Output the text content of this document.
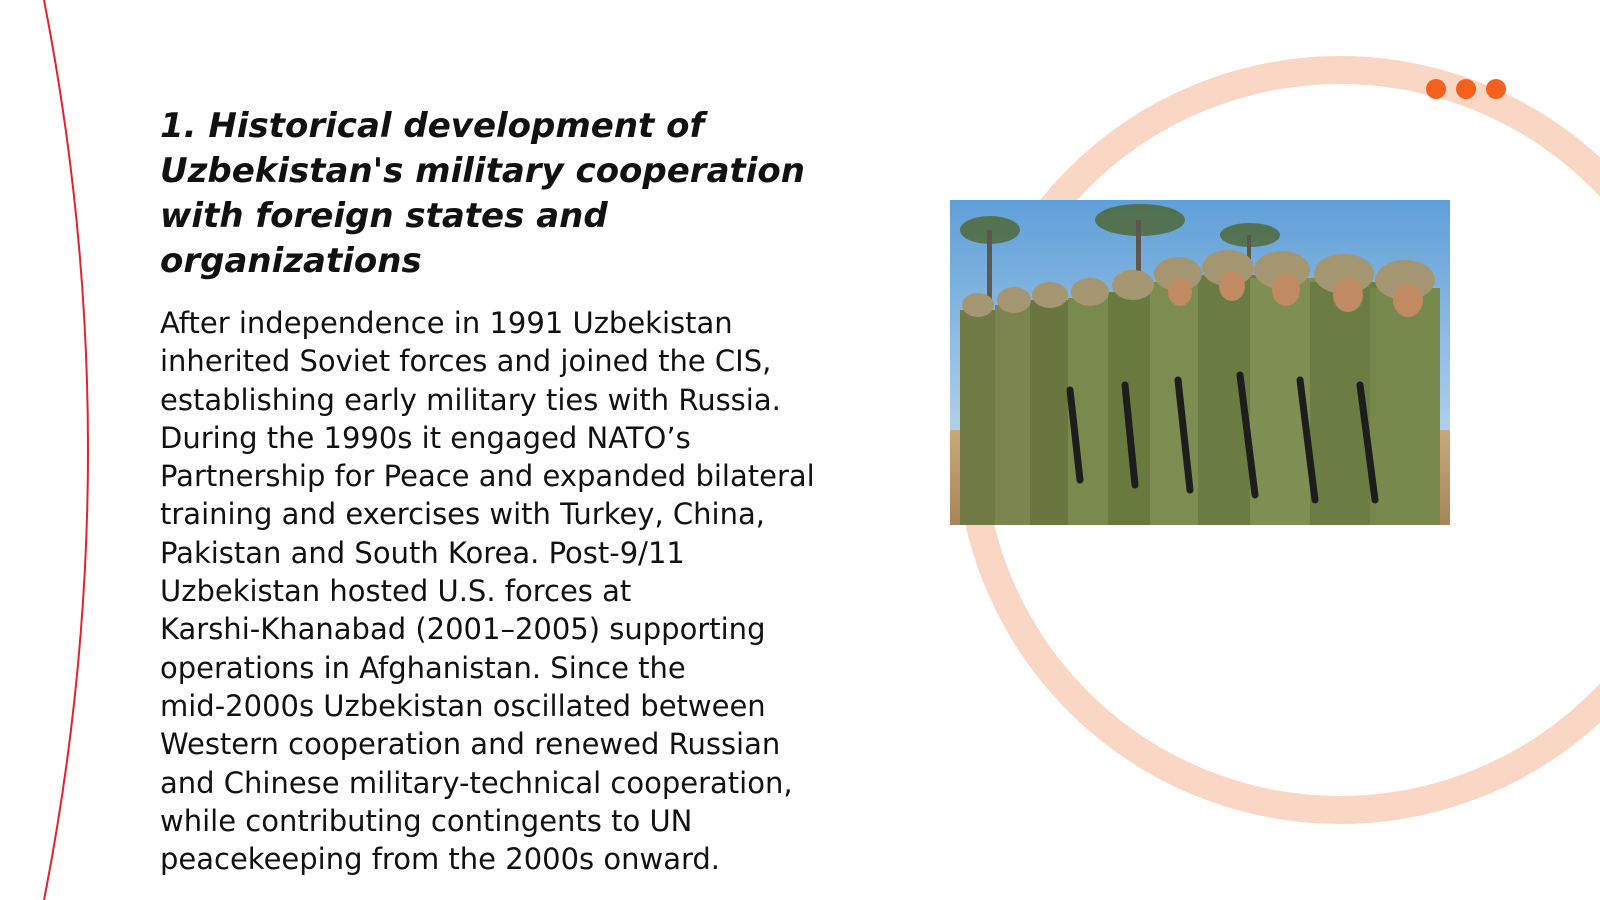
1. Historical development of
Uzbekistan's military cooperation
with foreign states and organizations
After independence in 1991 Uzbekistan
inherited Soviet forces and joined the CIS,
establishing early military ties with Russia.
During the 1990s it engaged NATO’s
Partnership for Peace and expanded bilateral
training and exercises with Turkey, China,
Pakistan and South Korea. Post-9/11
Uzbekistan hosted U.S. forces at
Karshi-Khanabad (2001–2005) supporting
operations in Afghanistan. Since the
mid-2000s Uzbekistan oscillated between
Western cooperation and renewed Russian
and Chinese military-technical cooperation,
while contributing contingents to UN
peacekeeping from the 2000s onward.
